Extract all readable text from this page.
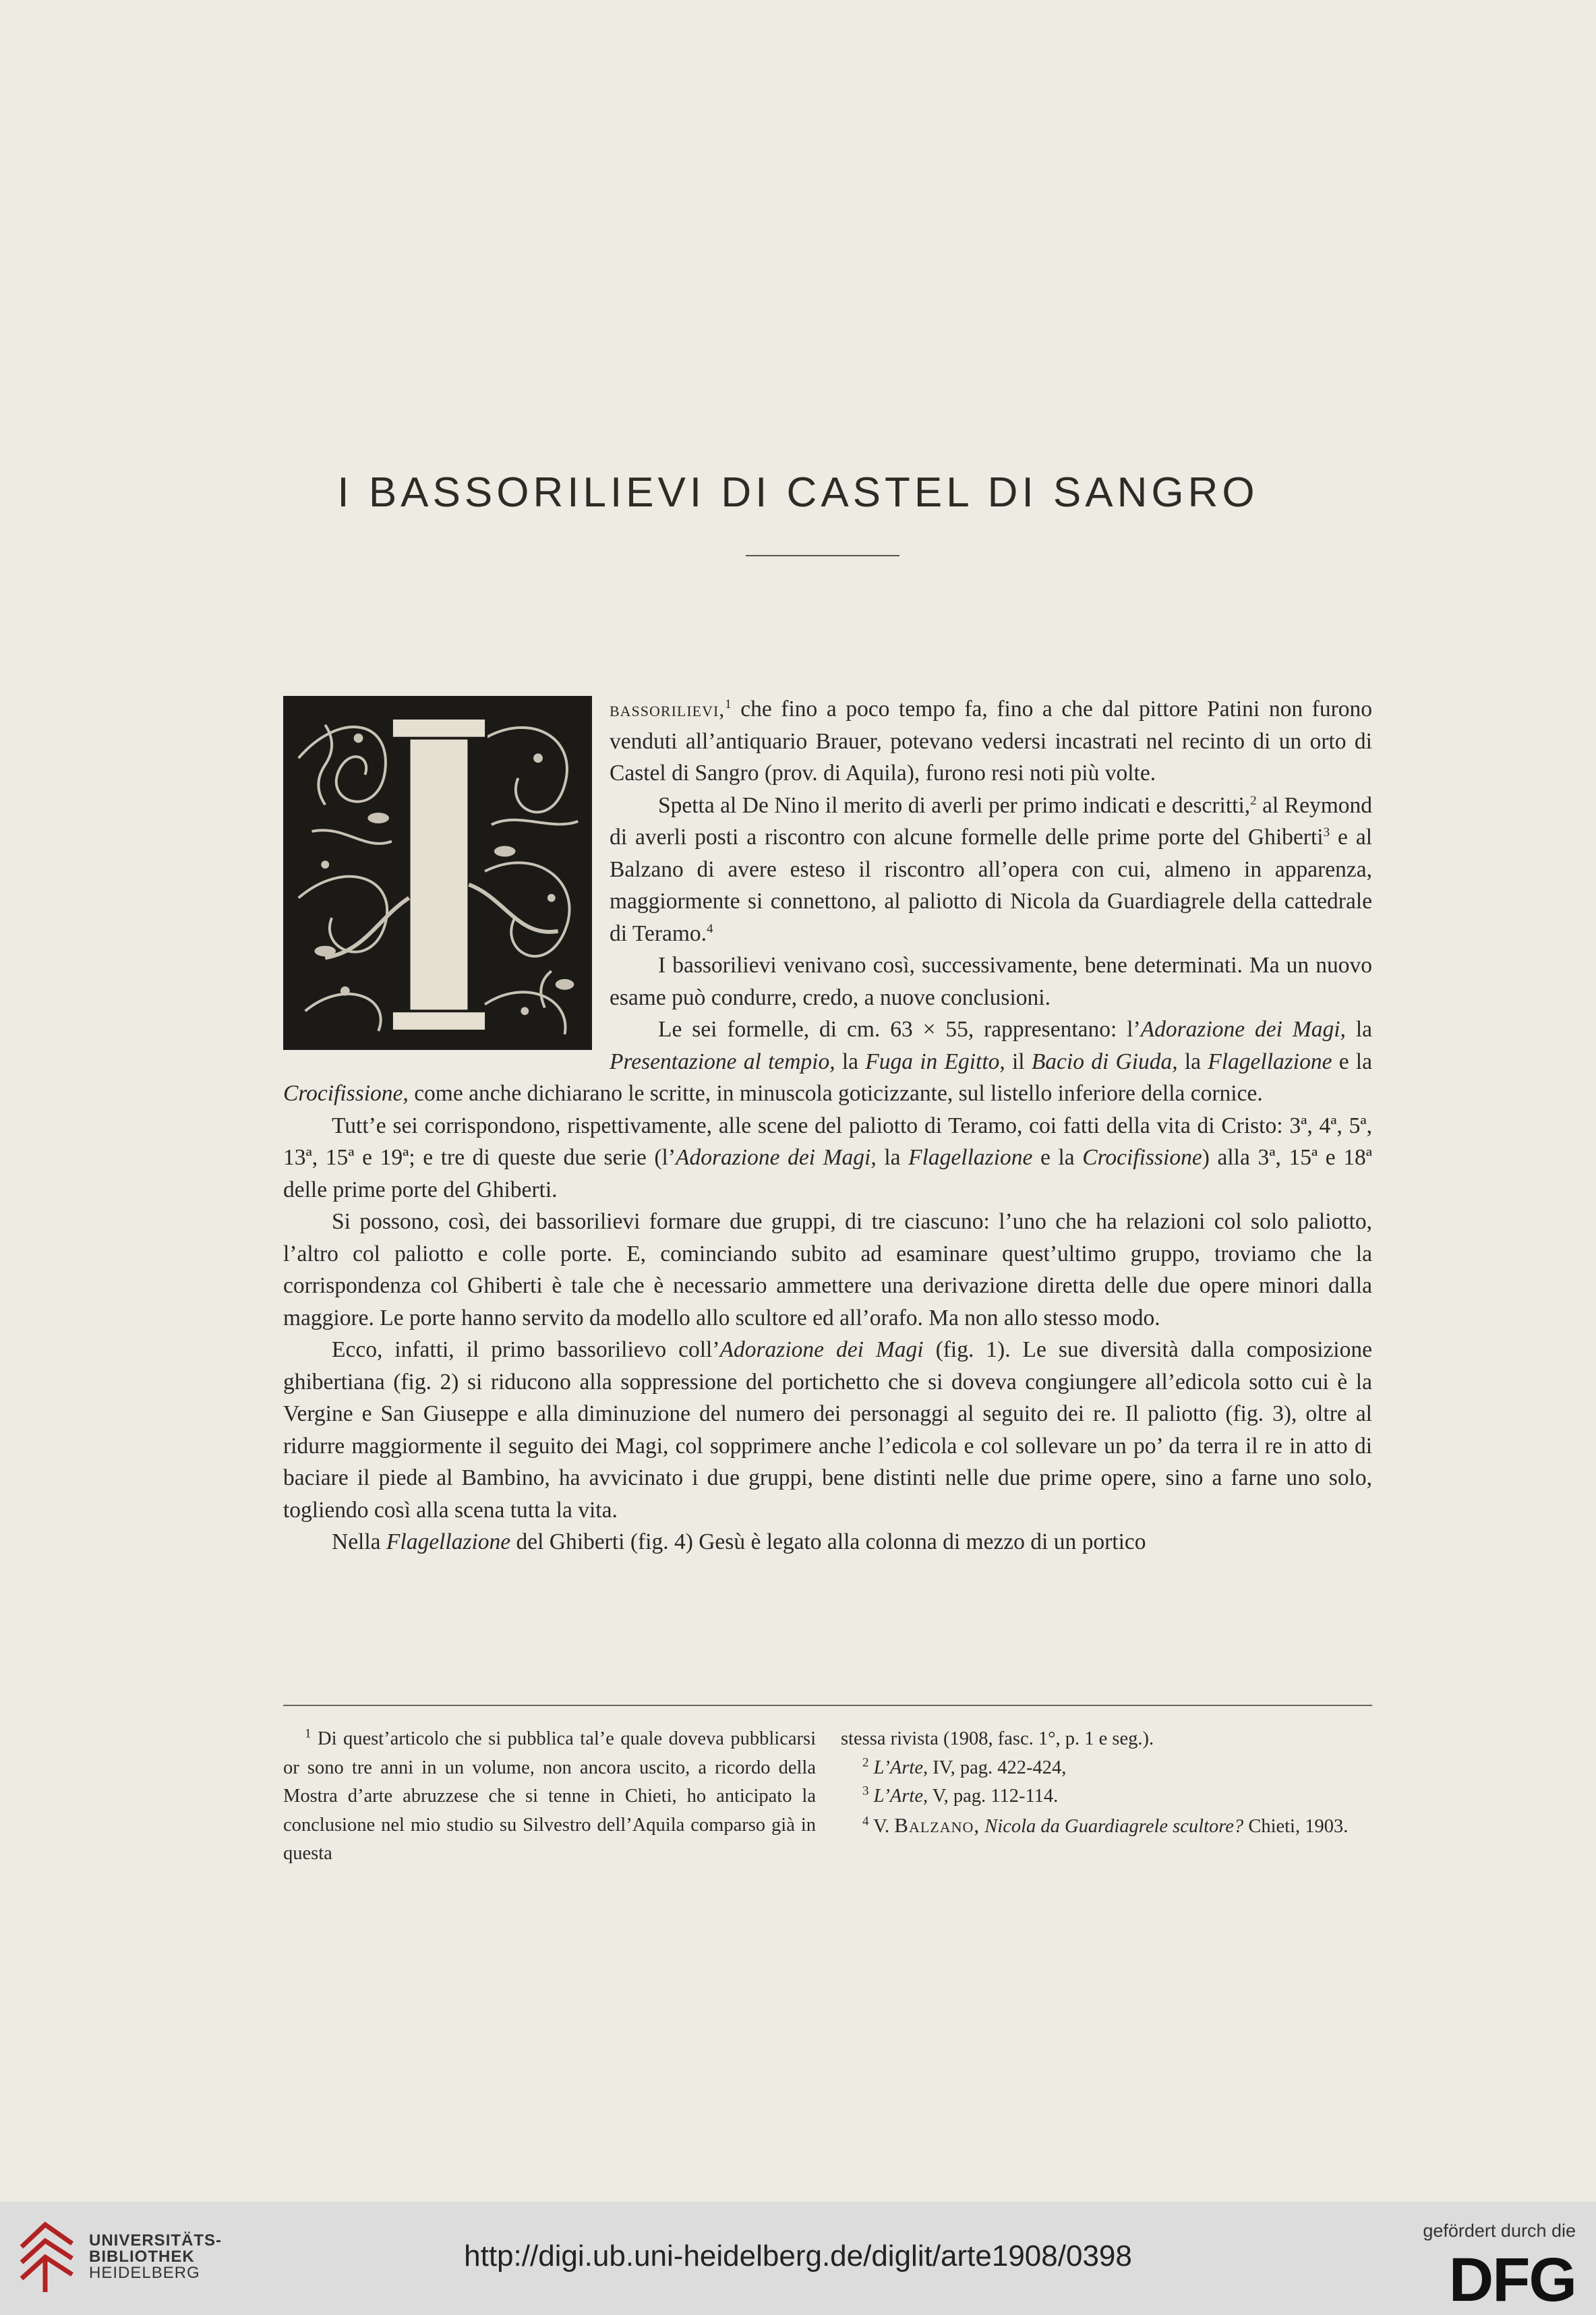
I BASSORILIEVI DI CASTEL DI SANGRO

bassorilievi,$^1$ che fino a poco tempo fa, fino a che dal pittore Patini non furono venduti all’antiquario Brauer, potevano vedersi incastrati nel recinto di un orto di Castel di Sangro (prov. di Aquila), furono resi noti più volte.

Spetta al De Nino il merito di averli per primo indicati e descritti,$^2$ al Reymond di averli posti a riscontro con alcune formelle delle prime porte del Ghiberti$^3$ e al Balzano di avere esteso il riscontro all’opera con cui, almeno in apparenza, maggiormente si connettono, al paliotto di Nicola da Guardiagrele della cattedrale di Teramo.$^4$

I bassorilievi venivano così, successivamente, bene determinati. Ma un nuovo esame può condurre, credo, a nuove conclusioni.

Le sei formelle, di cm. 63 × 55, rappresentano: l’Adorazione dei Magi, la Presentazione al tempio, la Fuga in Egitto, il Bacio di Giuda, la Flagellazione e la Crocifissione, come anche dichiarano le scritte, in minuscola goticizzante, sul listello inferiore della cornice.

Tutt’e sei corrispondono, rispettivamente, alle scene del paliotto di Teramo, coi fatti della vita di Cristo: 3ª, 4ª, 5ª, 13ª, 15ª e 19ª; e tre di queste due serie (l’Adorazione dei Magi, la Flagellazione e la Crocifissione) alla 3ª, 15ª e 18ª delle prime porte del Ghiberti.

Si possono, così, dei bassorilievi formare due gruppi, di tre ciascuno: l’uno che ha relazioni col solo paliotto, l’altro col paliotto e colle porte. E, cominciando subito ad esaminare quest’ultimo gruppo, troviamo che la corrispondenza col Ghiberti è tale che è necessario ammettere una derivazione diretta delle due opere minori dalla maggiore. Le porte hanno servito da modello allo scultore ed all’orafo. Ma non allo stesso modo.

Ecco, infatti, il primo bassorilievo coll’Adorazione dei Magi (fig. 1). Le sue diversità dalla composizione ghibertiana (fig. 2) si riducono alla soppressione del portichetto che si doveva congiungere all’edicola sotto cui è la Vergine e San Giuseppe e alla diminuzione del numero dei personaggi al seguito dei re. Il paliotto (fig. 3), oltre al ridurre maggiormente il seguito dei Magi, col sopprimere anche l’edicola e col sollevare un po’ da terra il re in atto di baciare il piede al Bambino, ha avvicinato i due gruppi, bene distinti nelle due prime opere, sino a farne uno solo, togliendo così alla scena tutta la vita.

Nella Flagellazione del Ghiberti (fig. 4) Gesù è legato alla colonna di mezzo di un portico

$^1$ Di quest’articolo che si pubblica tal’e quale doveva pubblicarsi or sono tre anni in un volume, non ancora uscito, a ricordo della Mostra d’arte abruzzese che si tenne in Chieti, ho anticipato la conclusione nel mio studio su Silvestro dell’Aquila comparso già in questa

stessa rivista (1908, fasc. 1°, p. 1 e seg.).

$^2$ L’Arte, IV, pag. 422-424,

$^3$ L’Arte, V, pag. 112-114.

$^4$ V. Balzano, Nicola da Guardiagrele scultore? Chieti, 1903.

UNIVERSITÄTS-
BIBLIOTHEK
HEIDELBERG
http://digi.ub.uni-heidelberg.de/diglit/arte1908/0398
gefördert durch die
DFG
